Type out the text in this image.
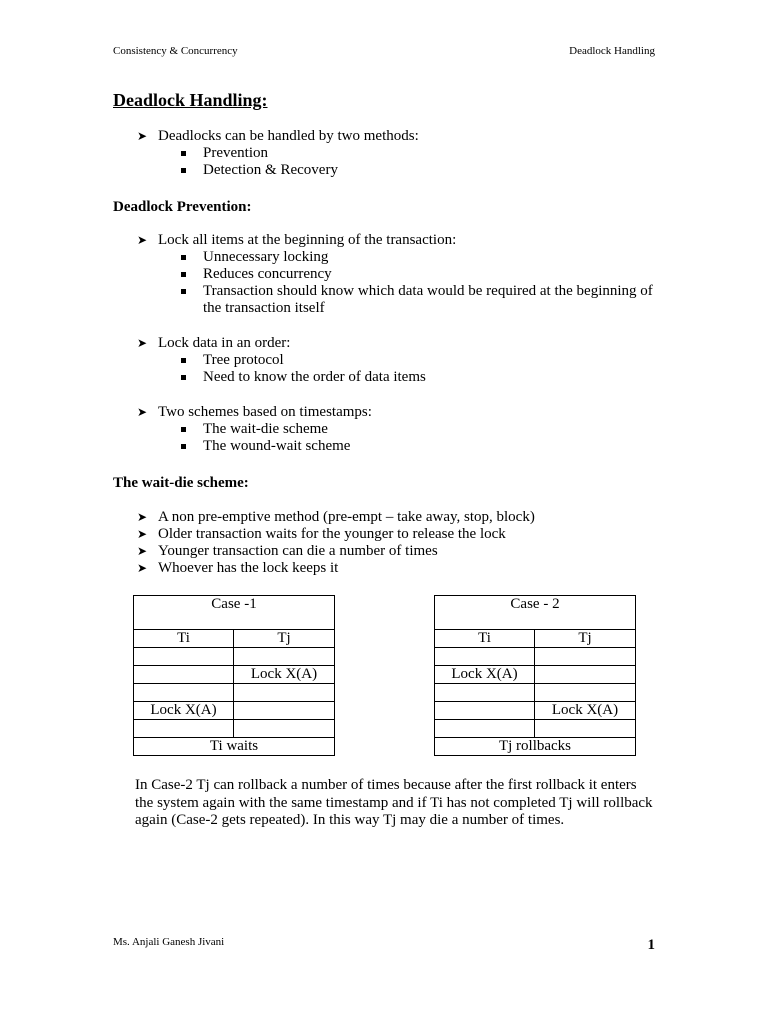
Consistency & Concurrency	Deadlock Handling
Deadlock Handling:
➤ Deadlocks can be handled by two methods:
Prevention
Detection & Recovery
Deadlock Prevention:
➤ Lock all items at the beginning of the transaction:
Unnecessary locking
Reduces concurrency
Transaction should know which data would be required at the beginning of the transaction itself
➤ Lock data in an order:
Tree protocol
Need to know the order of data items
➤ Two schemes based on timestamps:
The wait-die scheme
The wound-wait scheme
The wait-die scheme:
➤ A non pre-emptive method (pre-empt – take away, stop, block)
➤ Older transaction waits for the younger to release the lock
➤ Younger transaction can die a number of times
➤ Whoever has the lock keeps it
Case -1	
Ti	Tj

	Lock X(A)

Lock X(A)	

Ti waits	
Case - 2	
Ti	Tj

Lock X(A)	

	Lock X(A)

Tj rollbacks	
In Case-2 Tj can rollback a number of times because after the first rollback it enters the system again with the same timestamp and if Ti has not completed Tj will rollback again (Case-2 gets repeated). In this way Tj may die a number of times.
Ms. Anjali Ganesh Jivani	1
